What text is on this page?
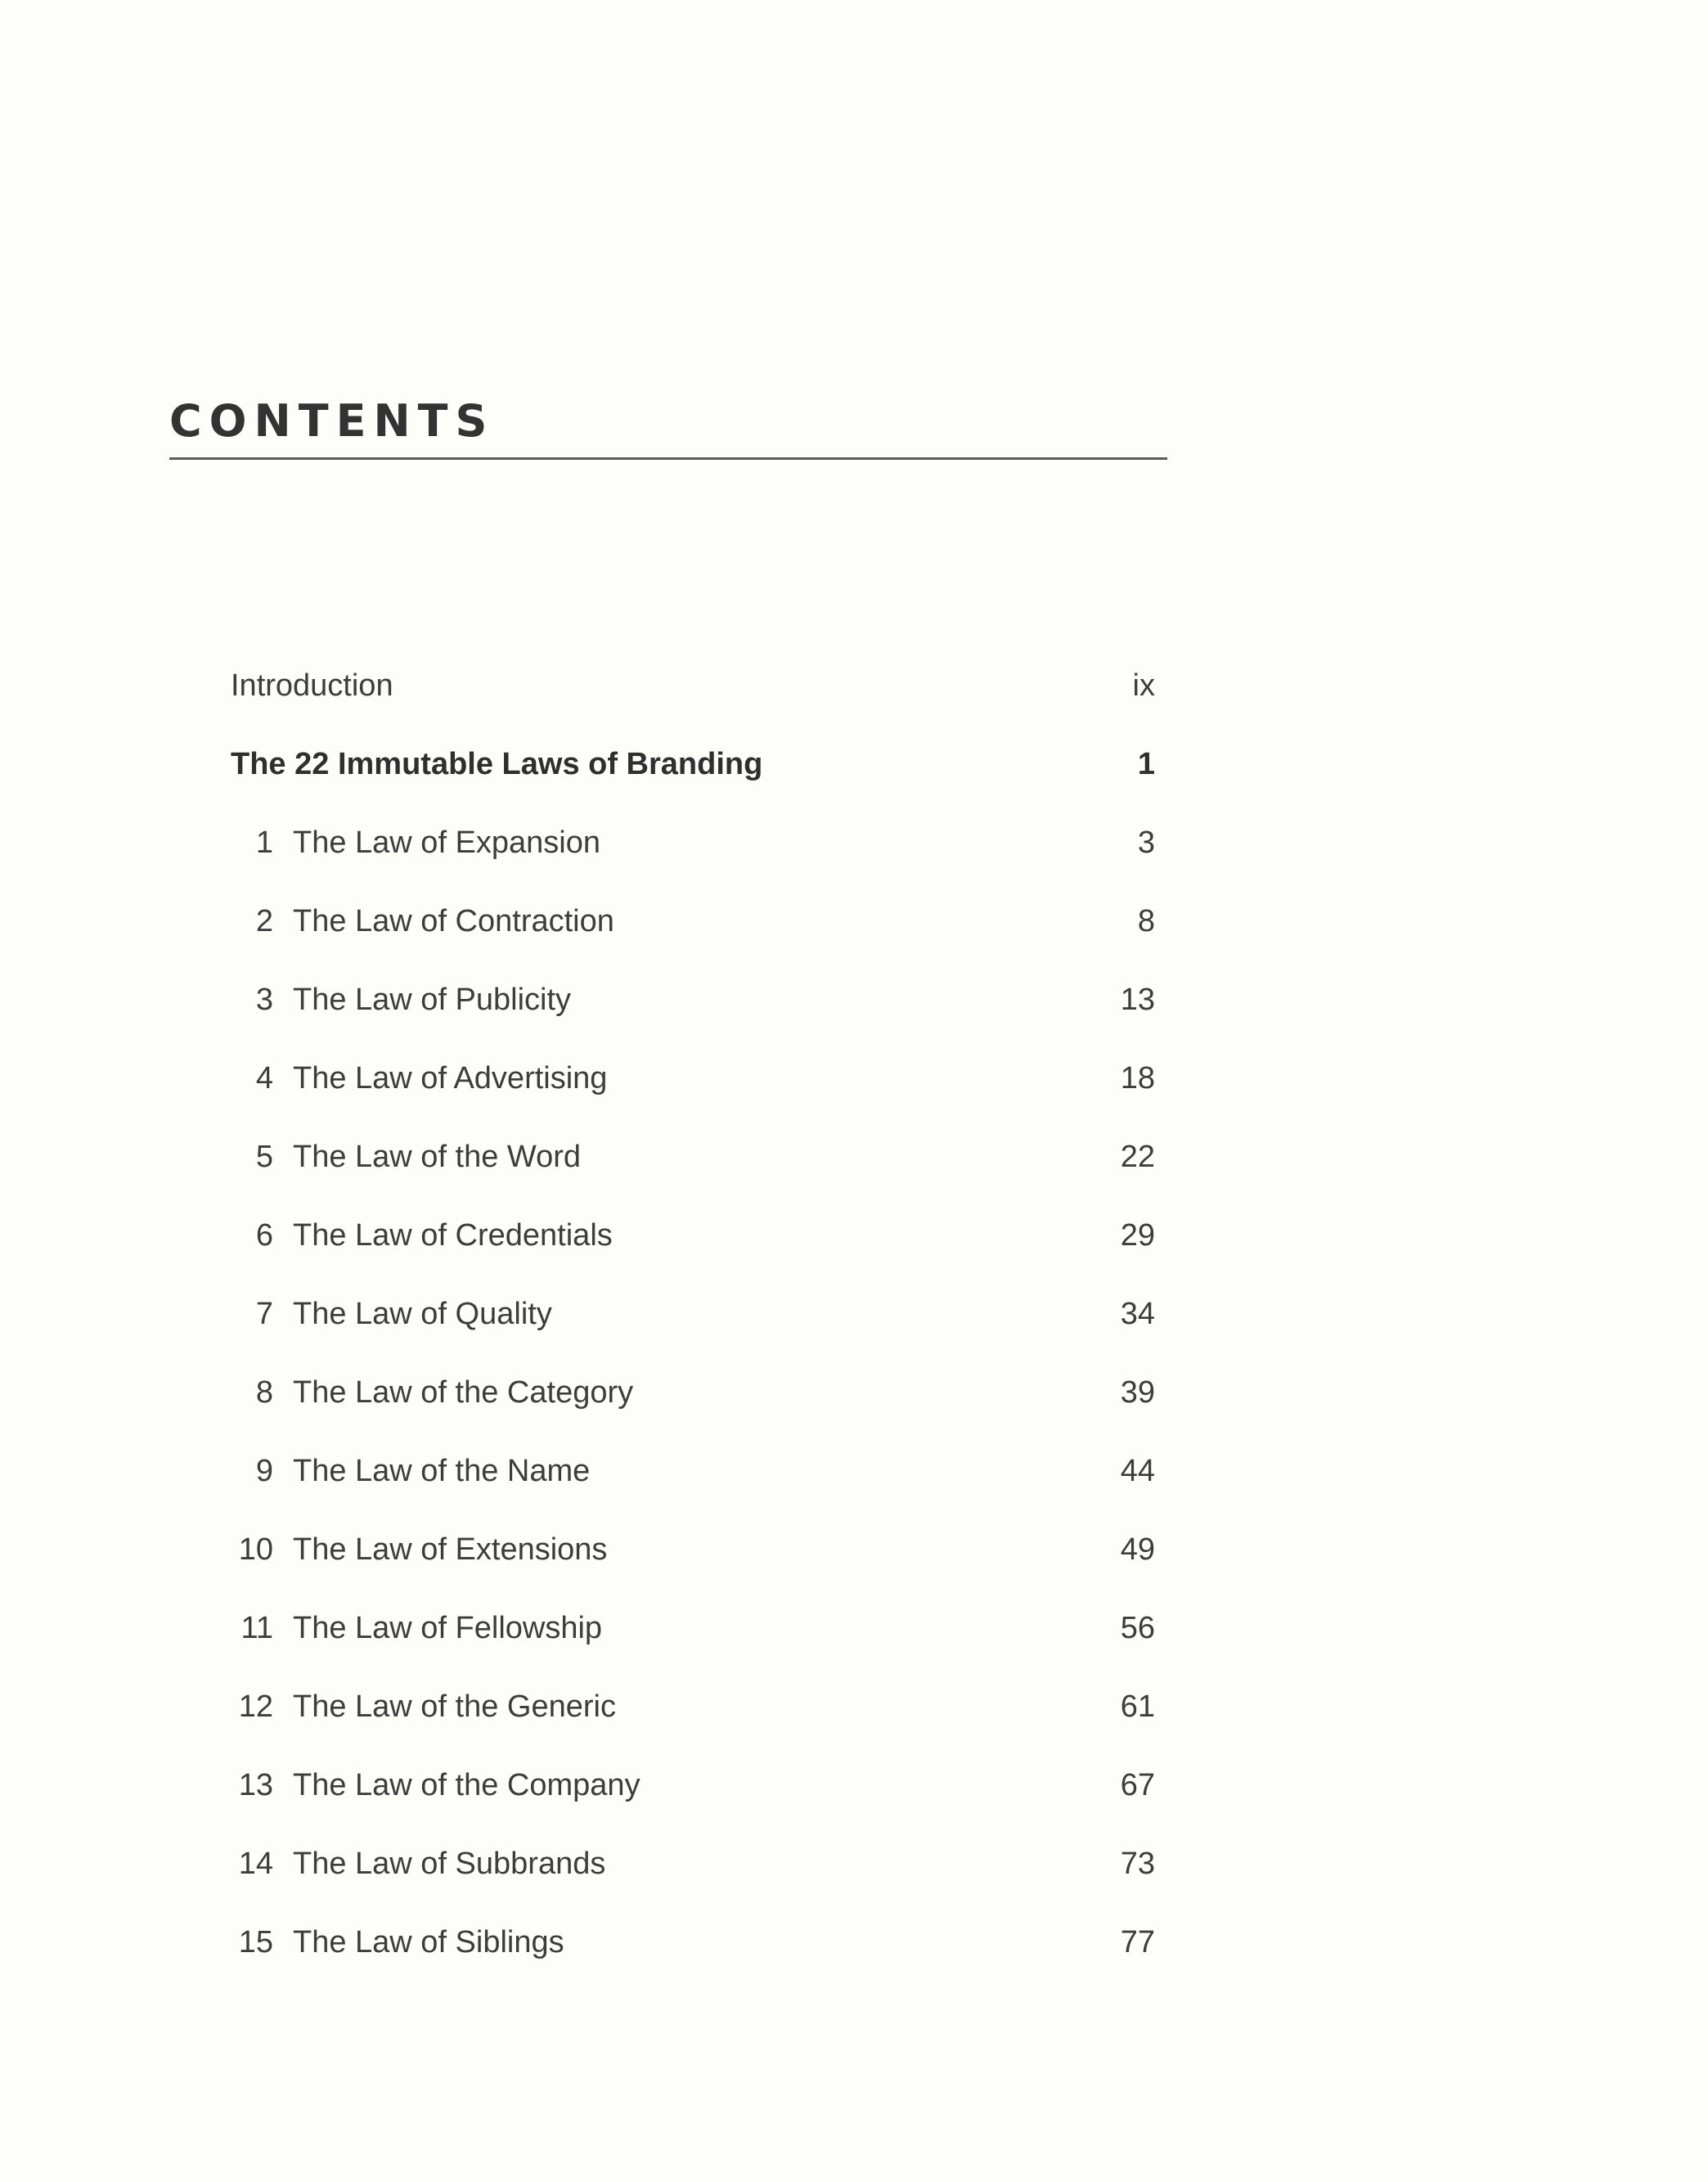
CONTENTS
Introduction	ix
The 22 Immutable Laws of Branding	1
1 The Law of Expansion	3
2 The Law of Contraction	8
3 The Law of Publicity	13
4 The Law of Advertising	18
5 The Law of the Word	22
6 The Law of Credentials	29
7 The Law of Quality	34
8 The Law of the Category	39
9 The Law of the Name	44
10 The Law of Extensions	49
11 The Law of Fellowship	56
12 The Law of the Generic	61
13 The Law of the Company	67
14 The Law of Subbrands	73
15 The Law of Siblings	77
